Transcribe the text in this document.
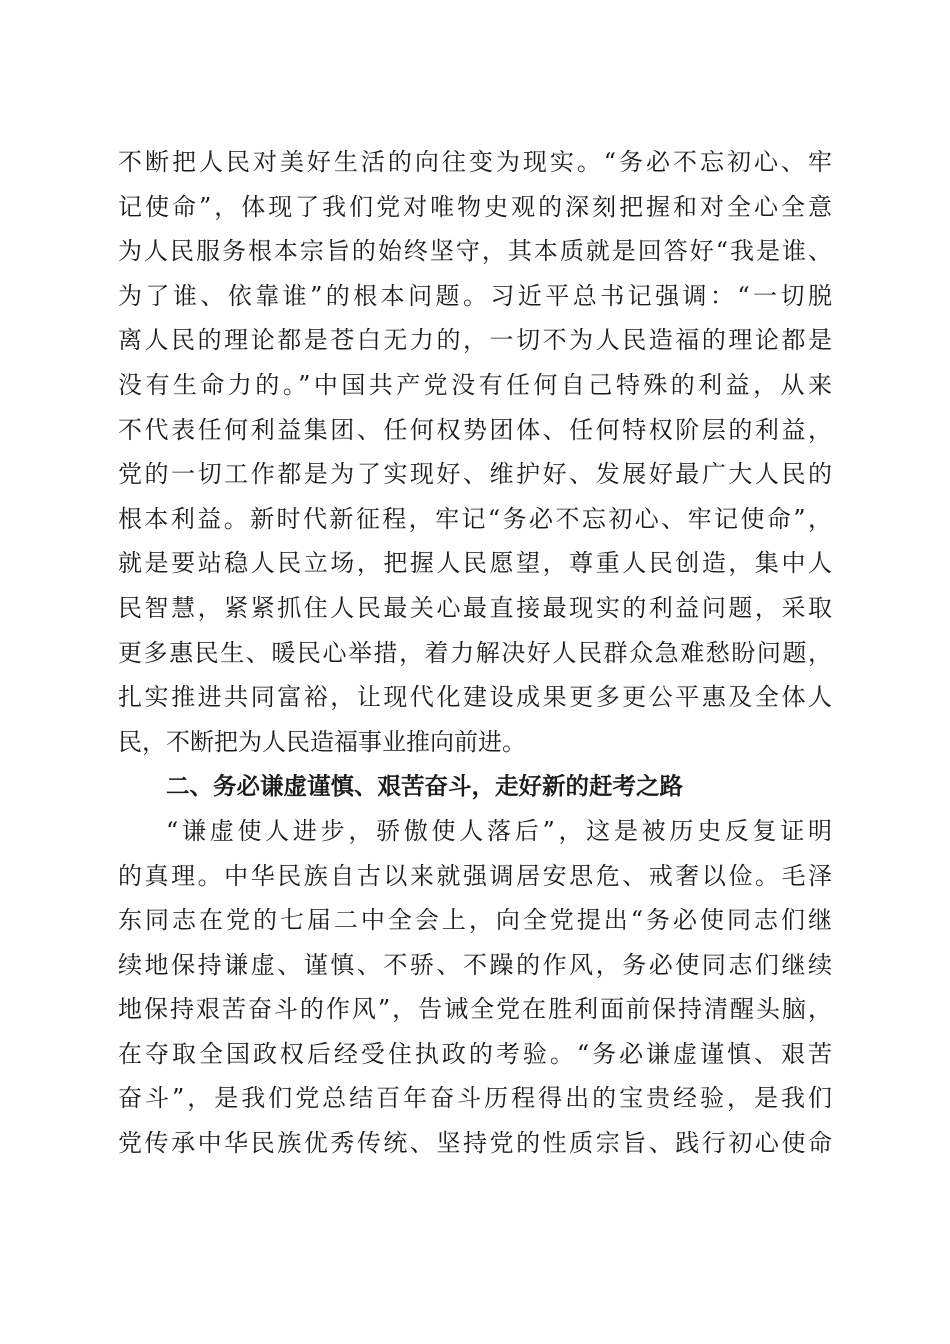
不断把人民对美好生活的向往变为现实。“务必不忘初心、牢
记使命”，体现了我们党对唯物史观的深刻把握和对全心全意
为人民服务根本宗旨的始终坚守，其本质就是回答好“我是谁、
为了谁、依靠谁”的根本问题。习近平总书记强调：“一切脱
离人民的理论都是苍白无力的，一切不为人民造福的理论都是
没有生命力的。”中国共产党没有任何自己特殊的利益，从来
不代表任何利益集团、任何权势团体、任何特权阶层的利益，
党的一切工作都是为了实现好、维护好、发展好最广大人民的
根本利益。新时代新征程，牢记“务必不忘初心、牢记使命”，
就是要站稳人民立场，把握人民愿望，尊重人民创造，集中人
民智慧，紧紧抓住人民最关心最直接最现实的利益问题，采取
更多惠民生、暖民心举措，着力解决好人民群众急难愁盼问题，
扎实推进共同富裕，让现代化建设成果更多更公平惠及全体人
民，不断把为人民造福事业推向前进。
二、务必谦虚谨慎、艰苦奋斗，走好新的赶考之路
“谦虚使人进步，骄傲使人落后”，这是被历史反复证明
的真理。中华民族自古以来就强调居安思危、戒奢以俭。毛泽
东同志在党的七届二中全会上，向全党提出“务必使同志们继
续地保持谦虚、谨慎、不骄、不躁的作风，务必使同志们继续
地保持艰苦奋斗的作风”，告诫全党在胜利面前保持清醒头脑，
在夺取全国政权后经受住执政的考验。“务必谦虚谨慎、艰苦
奋斗”，是我们党总结百年奋斗历程得出的宝贵经验，是我们
党传承中华民族优秀传统、坚持党的性质宗旨、践行初心使命
